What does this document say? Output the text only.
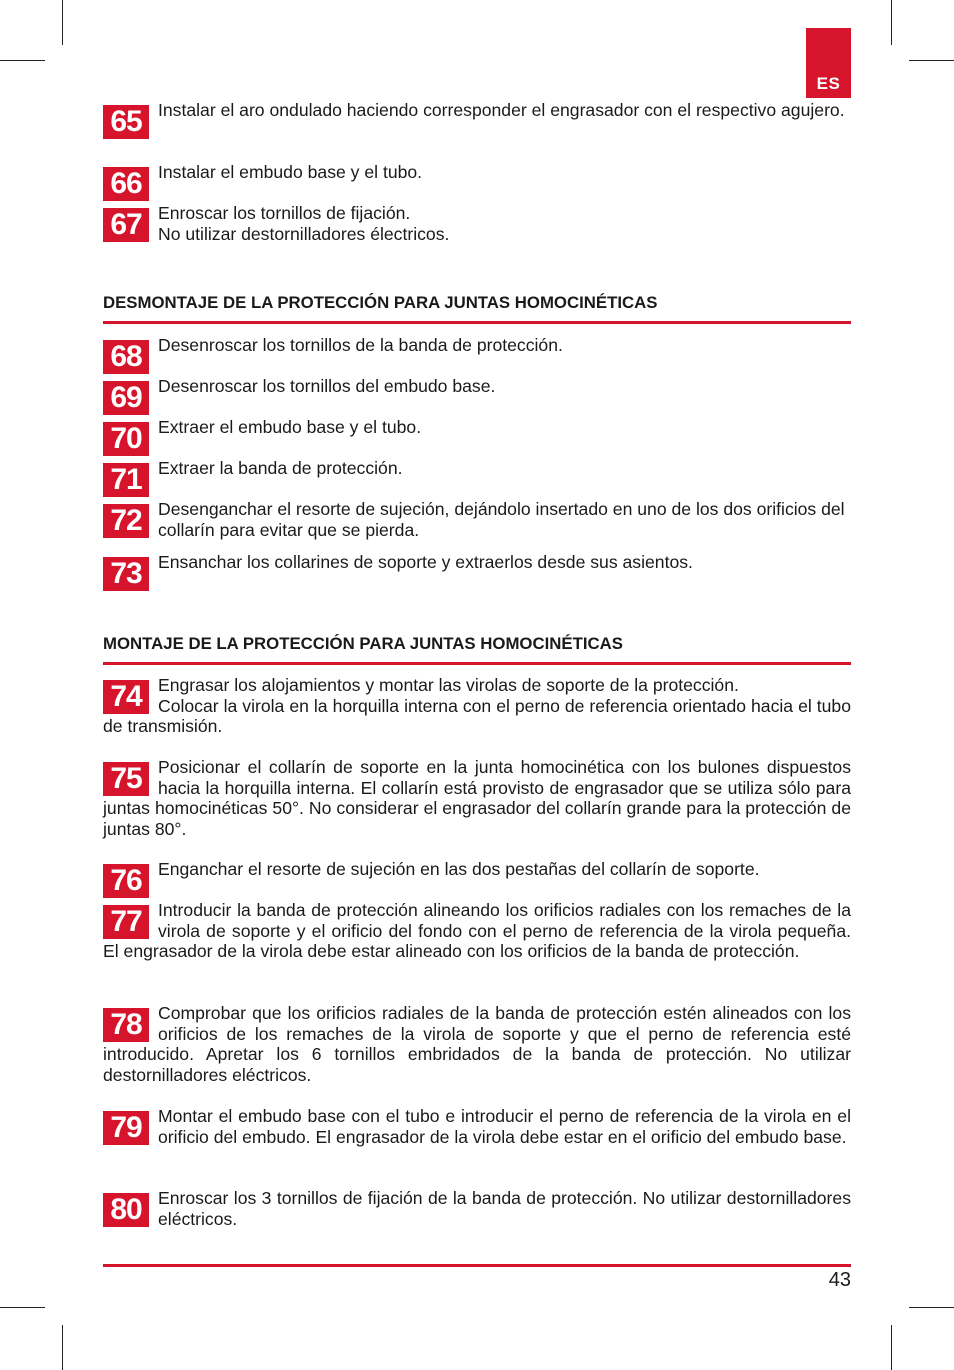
ES
65 Instalar el aro ondulado haciendo corresponder el engrasador con el respectivo agujero.
66 Instalar el embudo base y el tubo.
67 Enroscar los tornillos de fijación.
No utilizar destornilladores électricos.
DESMONTAJE DE LA PROTECCIÓN PARA JUNTAS HOMOCINÉTICAS
68 Desenroscar los tornillos de la banda de protección.
69 Desenroscar los tornillos del embudo base.
70 Extraer el embudo base y el tubo.
71 Extraer la banda de protección.
72 Desenganchar el resorte de sujeción, dejándolo insertado en uno de los dos orificios del collarín para evitar que se pierda.
73 Ensanchar los collarines de soporte y extraerlos desde sus asientos.
MONTAJE DE LA PROTECCIÓN PARA JUNTAS HOMOCINÉTICAS
74 Engrasar los alojamientos y montar las virolas de soporte de la protección.
Colocar la virola en la horquilla interna con el perno de referencia orientado hacia el tubo de transmisión.
75 Posicionar el collarín de soporte en la junta homocinética con los bulones dispuestos hacia la horquilla interna. El collarín está provisto de engrasador que se utiliza sólo para juntas homocinéticas 50°. No considerar el engrasador del collarín grande para la protección de juntas 80°.
76 Enganchar el resorte de sujeción en las dos pestañas del collarín de soporte.
77 Introducir la banda de protección alineando los orificios radiales con los remaches de la virola de soporte y el orificio del fondo con el perno de referencia de la virola pequeña. El engrasador de la virola debe estar alineado con los orificios de la banda de protección.
78 Comprobar que los orificios radiales de la banda de protección estén alineados con los orificios de los remaches de la virola de soporte y que el perno de referencia esté introducido. Apretar los 6 tornillos embridados de la banda de protección. No utilizar destornilladores eléctricos.
79 Montar el embudo base con el tubo e introducir el perno de referencia de la virola en el orificio del embudo. El engrasador de la virola debe estar en el orificio del embudo base.
80 Enroscar los 3 tornillos de fijación de la banda de protección. No utilizar destornilladores eléctricos.
43
